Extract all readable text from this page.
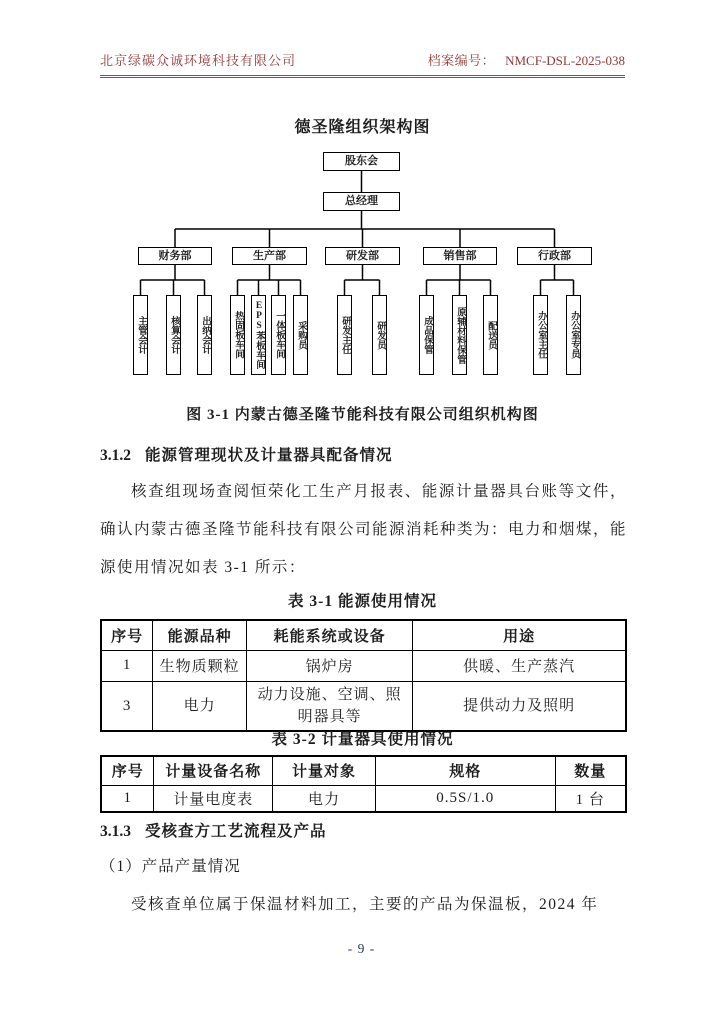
北京绿碳众诚环境科技有限公司	档案编号： NMCF-DSL-2025-038
德圣隆组织架构图
股东会
总经理
财务部	生产部	研发部	销售部	行政部
主管会计	核算会计	出纳会计	热固板车间	EPS苯板车间	一体板车间	采购员	研发主任	研发员	成品保管	原辅材料保管	配送员	办公室主任	办公室专员
图 3-1 内蒙古德圣隆节能科技有限公司组织机构图
3.1.2 能源管理现状及计量器具配备情况
核查组现场查阅恒荣化工生产月报表、能源计量器具台账等文件，确认内蒙古德圣隆节能科技有限公司能源消耗种类为：电力和烟煤，能源使用情况如表 3-1 所示：
表 3-1 能源使用情况
序号	能源品种	耗能系统或设备	用途
1	生物质颗粒	锅炉房	供暖、生产蒸汽
3	电力	动力设施、空调、照明器具等	提供动力及照明
表 3-2 计量器具使用情况
序号	计量设备名称	计量对象	规格	数量
1	计量电度表	电力	0.5S/1.0	1 台
3.1.3 受核查方工艺流程及产品
（1）产品产量情况
受核查单位属于保温材料加工，主要的产品为保温板，2024 年
- 9 -
